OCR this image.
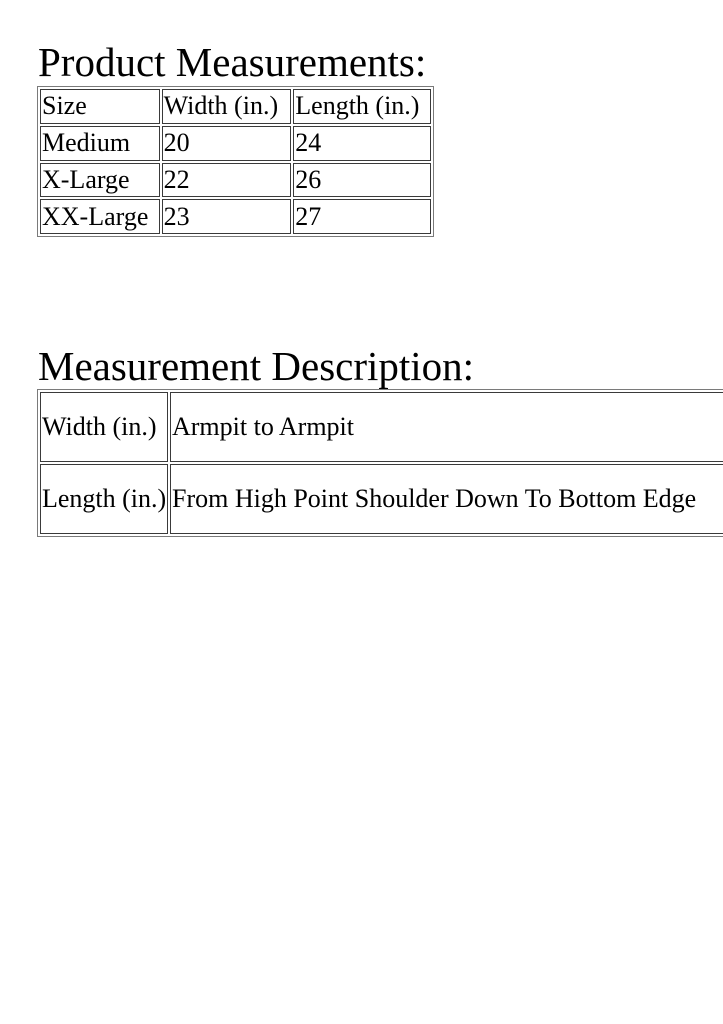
Product Measurements:
Size	Width (in.)	Length (in.)
Medium	20	24
X-Large	22	26
XX-Large	23	27
Measurement Description:
Width (in.)	Armpit to Armpit
Length (in.)	From High Point Shoulder Down To Bottom Edge
